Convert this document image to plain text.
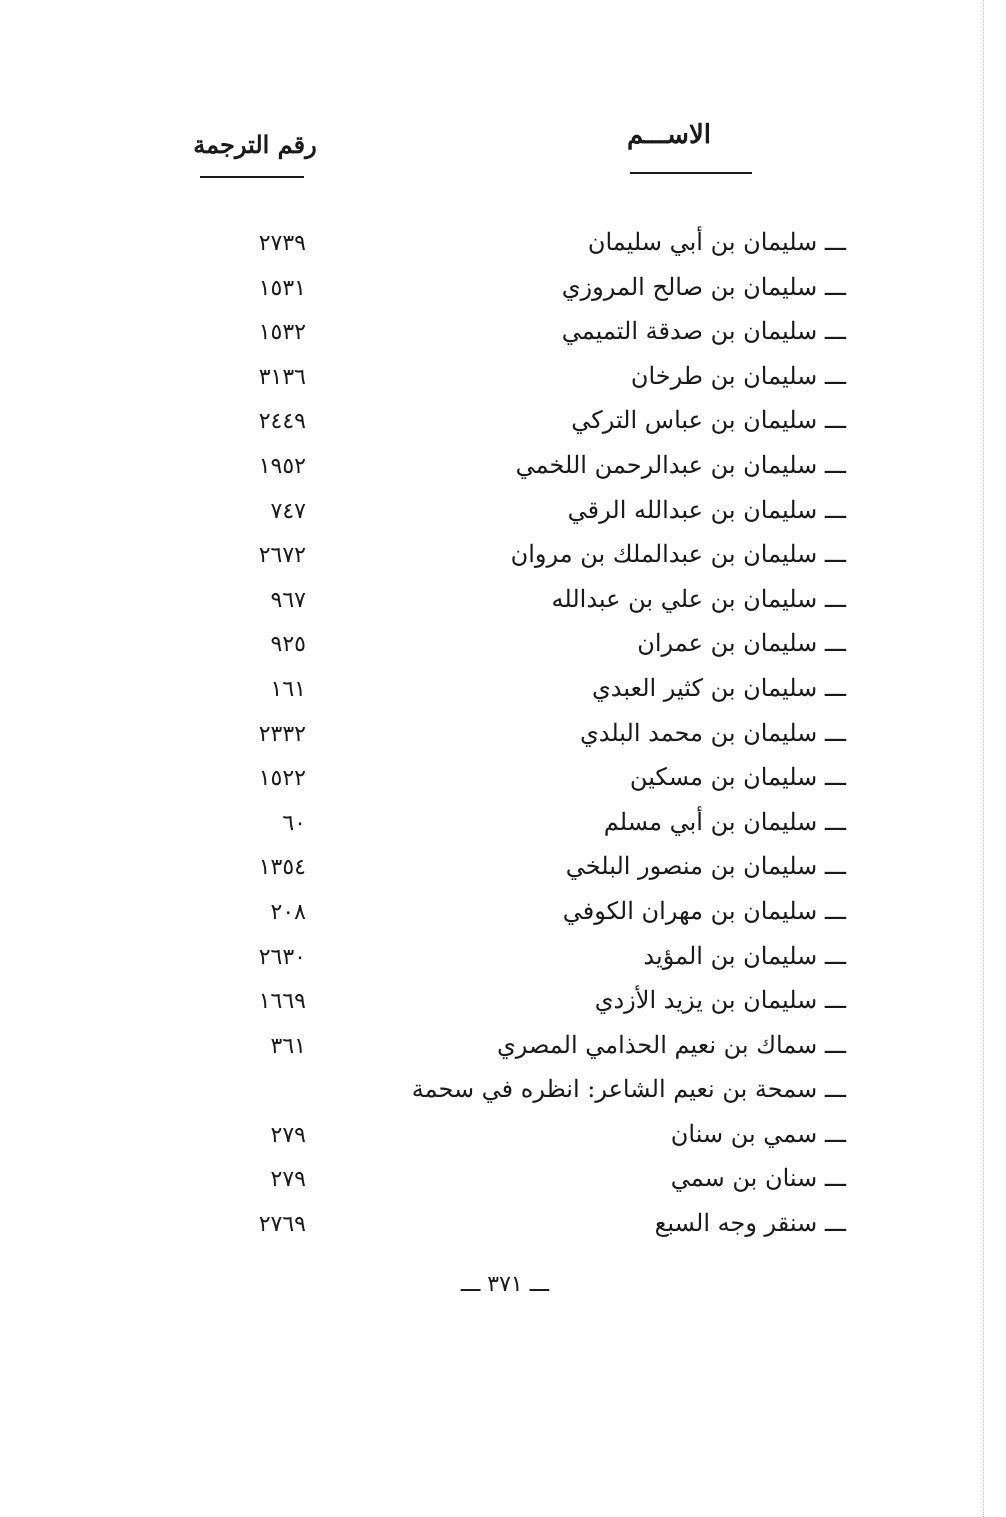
الاســـم
رقم الترجمة
ـــ سليمان بن أبي سليمان
٢٧٣٩
ـــ سليمان بن صالح المروزي
١٥٣١
ـــ سليمان بن صدقة التميمي
١٥٣٢
ـــ سليمان بن طرخان
٣١٣٦
ـــ سليمان بن عباس التركي
٢٤٤٩
ـــ سليمان بن عبدالرحمن اللخمي
١٩٥٢
ـــ سليمان بن عبدالله الرقي
٧٤٧
ـــ سليمان بن عبدالملك بن مروان
٢٦٧٢
ـــ سليمان بن علي بن عبدالله
٩٦٧
ـــ سليمان بن عمران
٩٢٥
ـــ سليمان بن كثير العبدي
١٦١
ـــ سليمان بن محمد البلدي
٢٣٣٢
ـــ سليمان بن مسكين
١٥٢٢
ـــ سليمان بن أبي مسلم
٦٠
ـــ سليمان بن منصور البلخي
١٣٥٤
ـــ سليمان بن مهران الكوفي
٢٠٨
ـــ سليمان بن المؤيد
٢٦٣٠
ـــ سليمان بن يزيد الأزدي
١٦٦٩
ـــ سماك بن نعيم الحذامي المصري
٣٦١
ـــ سمحة بن نعيم الشاعر: انظره في سحمة
ـــ سمي بن سنان
٢٧٩
ـــ سنان بن سمي
٢٧٩
ـــ سنقر وجه السبع
٢٧٦٩
ـــ ٣٧١ ـــ
